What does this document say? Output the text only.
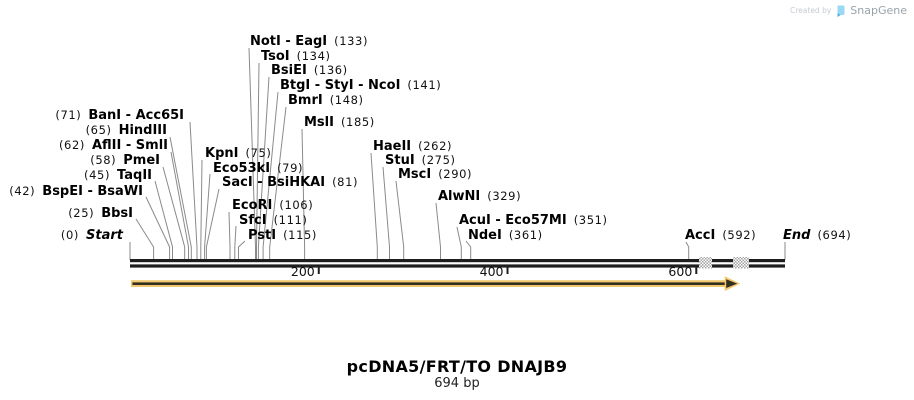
Created by SnapGene
(71) BanI - Acc65I
(65) HindIII
(62) AflII - SmlI
(58) PmeI
(45) TaqII
(42) BspEI - BsaWI
(25) BbsI
(0) Start
KpnI (75)
Eco53kI (79)
SacI - BsiHKAI (81)
EcoRI (106)
SfcI (111)
PstI (115)
NotI - EagI (133)
TsoI (134)
BsiEI (136)
BtgI - StyI - NcoI (141)
BmrI (148)
MslI (185)
HaeII (262)
StuI (275)
MscI (290)
AlwNI (329)
AcuI - Eco57MI (351)
NdeI (361)	AccI (592) End (694)
200	400	600
pcDNA5/FRT/TO DNAJB9
694 bp
